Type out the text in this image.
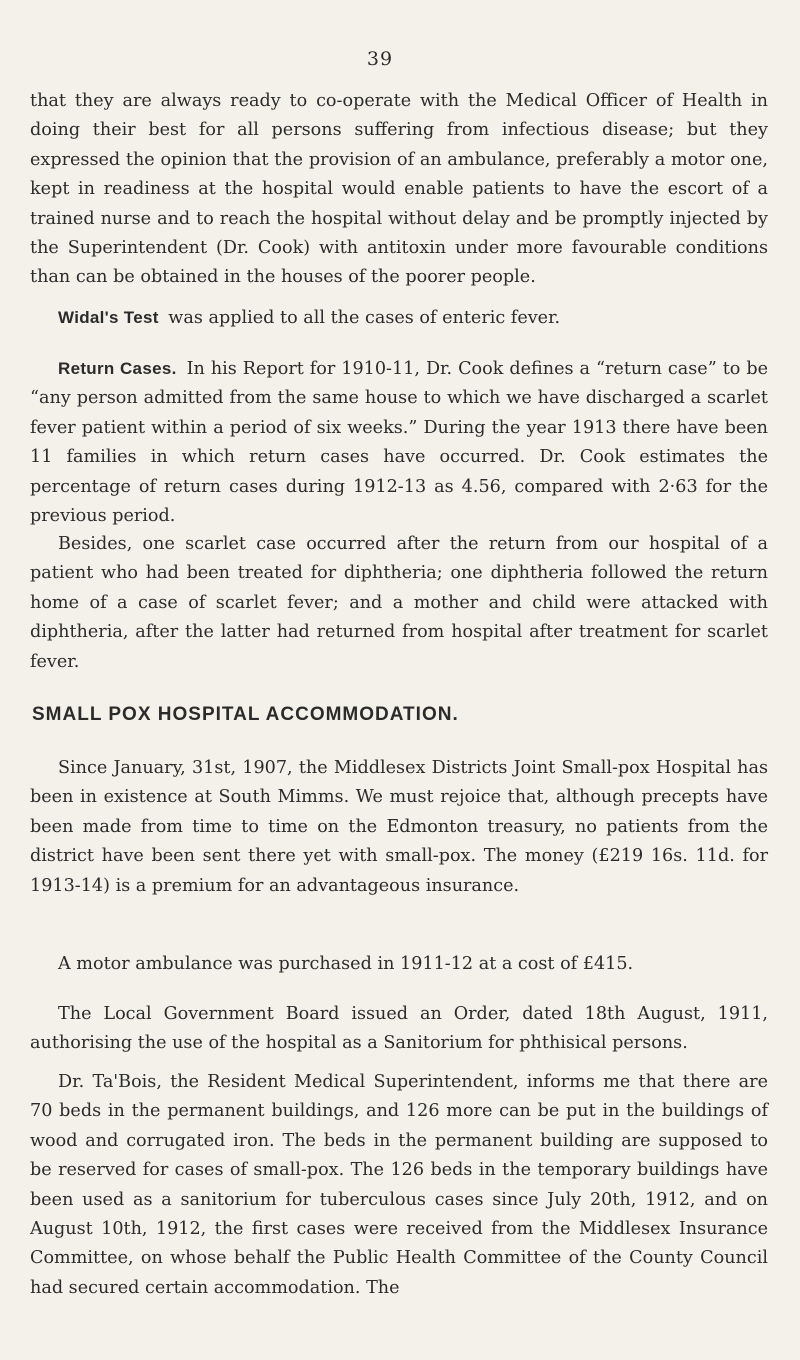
39

that they are always ready to co-operate with the Medical Officer of Health in doing their best for all persons suffering from infectious disease; but they expressed the opinion that the provision of an ambulance, preferably a motor one, kept in readiness at the hospital would enable patients to have the escort of a trained nurse and to reach the hospital without delay and be promptly injected by the Superintendent (Dr. Cook) with antitoxin under more favourable conditions than can be obtained in the houses of the poorer people.

Widal's Test was applied to all the cases of enteric fever.

Return Cases. In his Report for 1910-11, Dr. Cook defines a “return case” to be “any person admitted from the same house to which we have discharged a scarlet fever patient within a period of six weeks.” During the year 1913 there have been 11 families in which return cases have occurred. Dr. Cook estimates the percentage of return cases during 1912-13 as 4.56, compared with 2·63 for the previous period.

Besides, one scarlet case occurred after the return from our hospital of a patient who had been treated for diphtheria; one diphtheria followed the return home of a case of scarlet fever; and a mother and child were attacked with diphtheria, after the latter had returned from hospital after treatment for scarlet fever.

SMALL POX HOSPITAL ACCOMMODATION.

Since January, 31st, 1907, the Middlesex Districts Joint Small-pox Hospital has been in existence at South Mimms. We must rejoice that, although precepts have been made from time to time on the Edmonton treasury, no patients from the district have been sent there yet with small-pox. The money (£219 16s. 11d. for 1913-14) is a premium for an advantageous insurance.

A motor ambulance was purchased in 1911-12 at a cost of £415.

The Local Government Board issued an Order, dated 18th August, 1911, authorising the use of the hospital as a Sanitorium for phthisical persons.

Dr. Ta'Bois, the Resident Medical Superintendent, informs me that there are 70 beds in the permanent buildings, and 126 more can be put in the buildings of wood and corrugated iron. The beds in the permanent building are supposed to be reserved for cases of small-pox. The 126 beds in the temporary buildings have been used as a sanitorium for tuberculous cases since July 20th, 1912, and on August 10th, 1912, the first cases were received from the Middlesex Insurance Committee, on whose behalf the Public Health Committee of the County Council had secured certain accommodation. The
